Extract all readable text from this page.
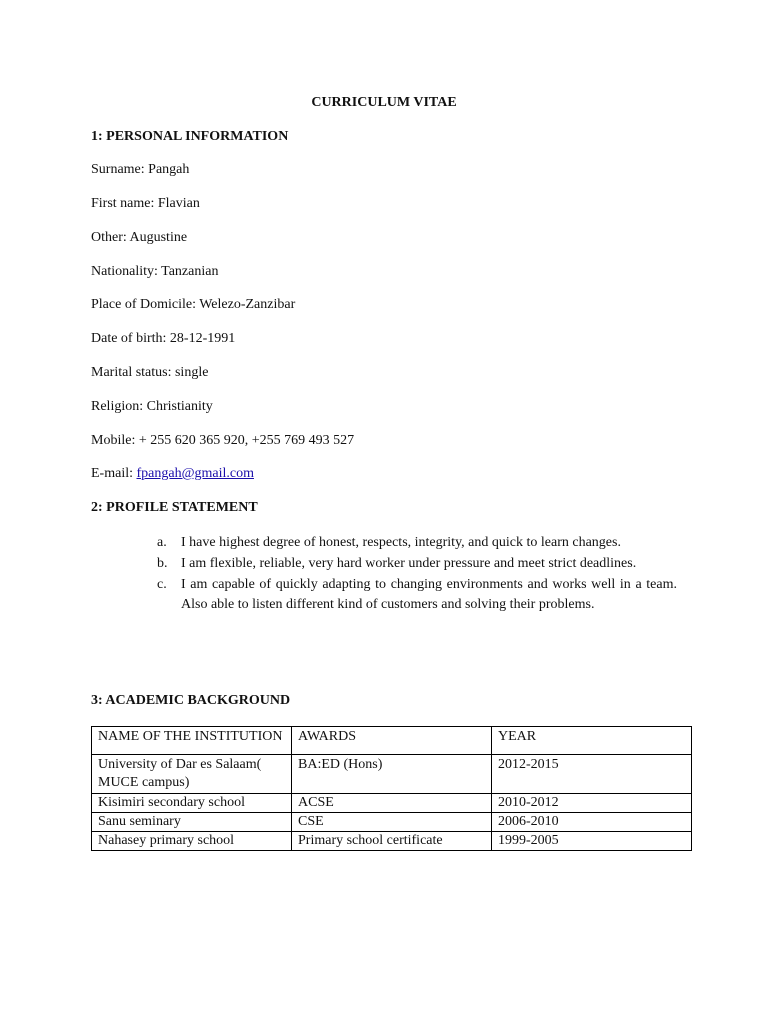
CURRICULUM VITAE
1: PERSONAL INFORMATION
Surname: Pangah
First name: Flavian
Other: Augustine
Nationality: Tanzanian
Place of Domicile: Welezo-Zanzibar
Date of birth: 28-12-1991
Marital status: single
Religion: Christianity
Mobile: + 255 620 365 920, +255 769 493 527
E-mail: fpangah@gmail.com
2: PROFILE STATEMENT
a. I have highest degree of honest, respects, integrity, and quick to learn changes.
b. I am flexible, reliable, very hard worker under pressure and meet strict deadlines.
c. I am capable of quickly adapting to changing environments and works well in a team. Also able to listen different kind of customers and solving their problems.
3: ACADEMIC BACKGROUND
NAME OF THE INSTITUTION	AWARDS	YEAR
University of Dar es Salaam( MUCE campus)	BA:ED (Hons)	2012-2015
Kisimiri secondary school	ACSE	2010-2012
Sanu seminary	CSE	2006-2010
Nahasey primary school	Primary school certificate	1999-2005
